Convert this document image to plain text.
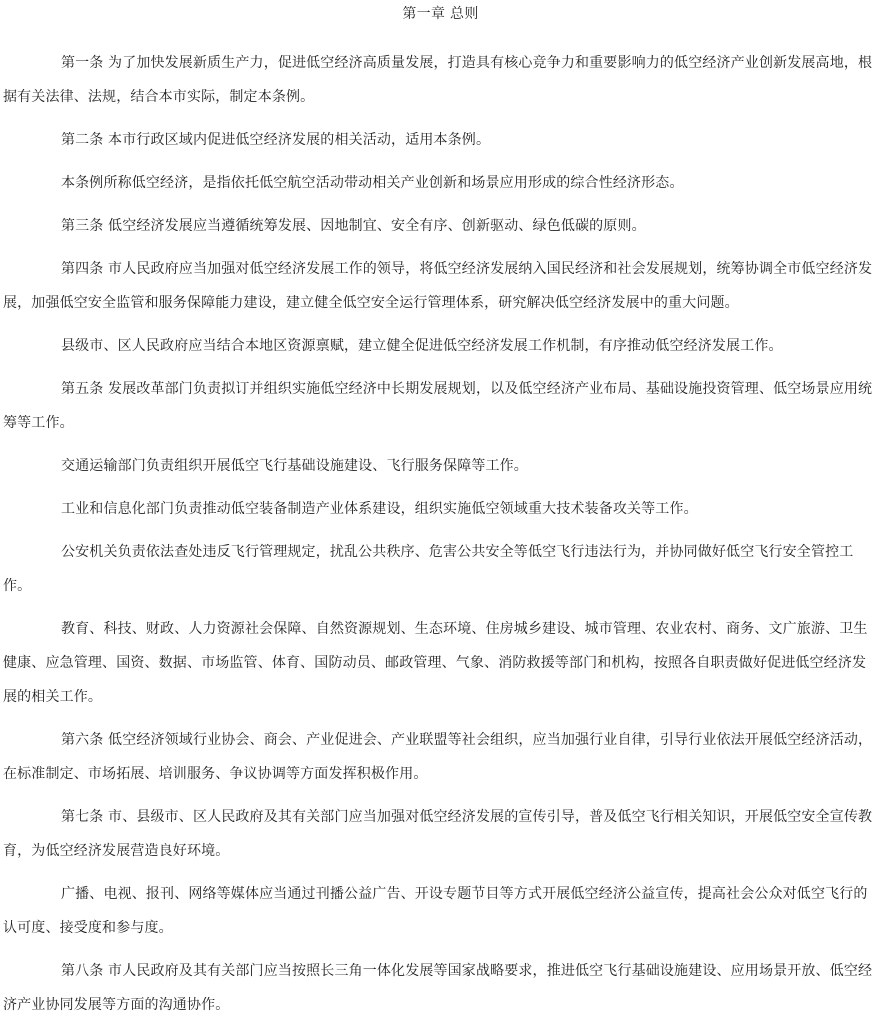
第一章 总则

第一条 为了加快发展新质生产力，促进低空经济高质量发展，打造具有核心竞争力和重要影响力的低空经济产业创新发展高地，根据有关法律、法规，结合本市实际，制定本条例。

第二条 本市行政区域内促进低空经济发展的相关活动，适用本条例。

本条例所称低空经济，是指依托低空航空活动带动相关产业创新和场景应用形成的综合性经济形态。

第三条 低空经济发展应当遵循统筹发展、因地制宜、安全有序、创新驱动、绿色低碳的原则。

第四条 市人民政府应当加强对低空经济发展工作的领导，将低空经济发展纳入国民经济和社会发展规划，统筹协调全市低空经济发展，加强低空安全监管和服务保障能力建设，建立健全低空安全运行管理体系，研究解决低空经济发展中的重大问题。

县级市、区人民政府应当结合本地区资源禀赋，建立健全促进低空经济发展工作机制，有序推动低空经济发展工作。

第五条 发展改革部门负责拟订并组织实施低空经济中长期发展规划，以及低空经济产业布局、基础设施投资管理、低空场景应用统筹等工作。

交通运输部门负责组织开展低空飞行基础设施建设、飞行服务保障等工作。

工业和信息化部门负责推动低空装备制造产业体系建设，组织实施低空领域重大技术装备攻关等工作。

公安机关负责依法查处违反飞行管理规定，扰乱公共秩序、危害公共安全等低空飞行违法行为，并协同做好低空飞行安全管控工作。

教育、科技、财政、人力资源社会保障、自然资源规划、生态环境、住房城乡建设、城市管理、农业农村、商务、文广旅游、卫生健康、应急管理、国资、数据、市场监管、体育、国防动员、邮政管理、气象、消防救援等部门和机构，按照各自职责做好促进低空经济发展的相关工作。

第六条 低空经济领域行业协会、商会、产业促进会、产业联盟等社会组织，应当加强行业自律，引导行业依法开展低空经济活动，在标准制定、市场拓展、培训服务、争议协调等方面发挥积极作用。

第七条 市、县级市、区人民政府及其有关部门应当加强对低空经济发展的宣传引导，普及低空飞行相关知识，开展低空安全宣传教育，为低空经济发展营造良好环境。

广播、电视、报刊、网络等媒体应当通过刊播公益广告、开设专题节目等方式开展低空经济公益宣传，提高社会公众对低空飞行的认可度、接受度和参与度。

第八条 市人民政府及其有关部门应当按照长三角一体化发展等国家战略要求，推进低空飞行基础设施建设、应用场景开放、低空经济产业协同发展等方面的沟通协作。
